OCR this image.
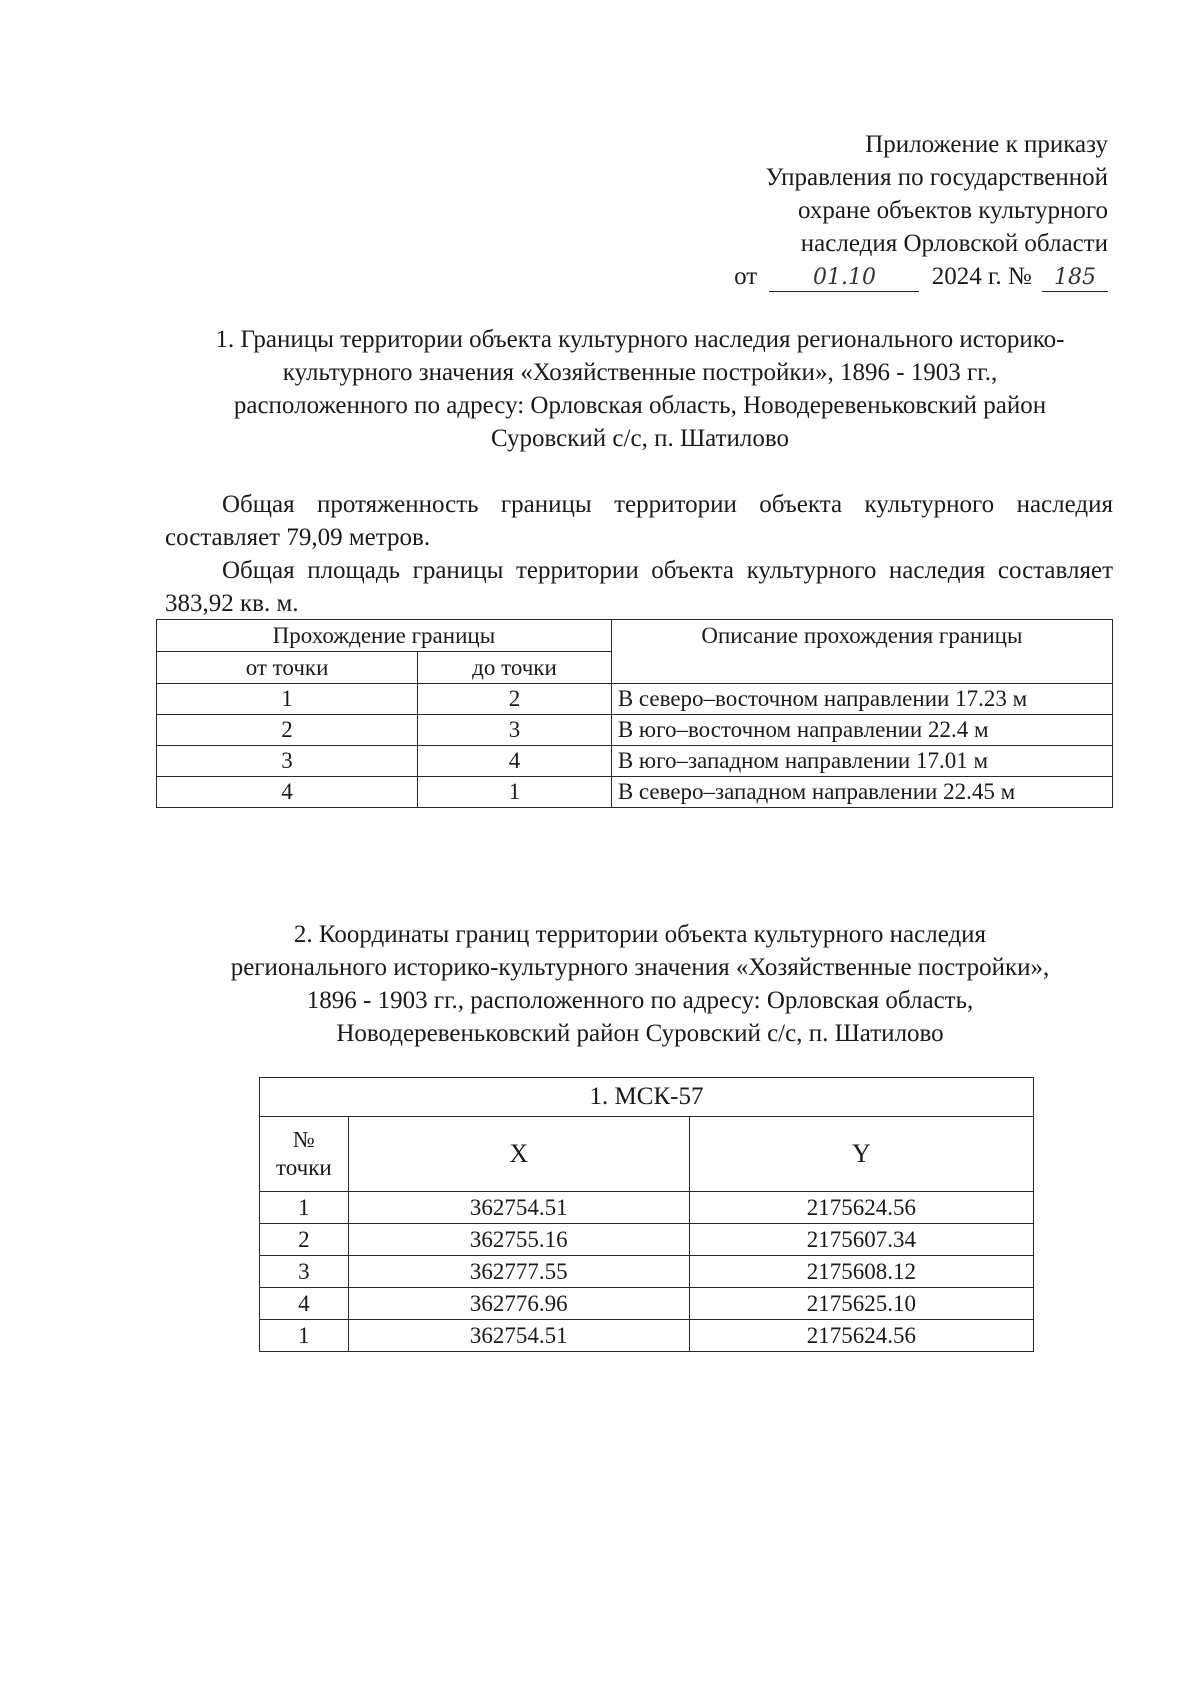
Приложение к приказу
Управления по государственной
охране объектов культурного
наследия Орловской области
от	01.10 2024 г. № 185
1. Границы территории объекта культурного наследия регионального историко-
культурного значения «Хозяйственные постройки», 1896 - 1903 гг.,
расположенного по адресу: Орловская область, Новодеревеньковский район
Суровский с/с, п. Шатилово
Общая протяженность границы территории объекта культурного наследия составляет 79,09 метров.
Общая площадь границы территории объекта культурного наследия составляет 383,92 кв. м.
Прохождение границы		Описание прохождения границы
от точки	до точки	
1	2	В северо–восточном направлении 17.23 м
2	3	В юго–восточном направлении 22.4 м
3	4	В юго–западном направлении 17.01 м
4	1	В северо–западном направлении 22.45 м
2. Координаты границ территории объекта культурного наследия
регионального историко-культурного значения «Хозяйственные постройки»,
1896 - 1903 гг., расположенного по адресу: Орловская область,
Новодеревеньковский район Суровский с/с, п. Шатилово
1. МСК-57		
№
точки	X	Y
1	362754.51	2175624.56
2	362755.16	2175607.34
3	362777.55	2175608.12
4	362776.96	2175625.10
1	362754.51	2175624.56
